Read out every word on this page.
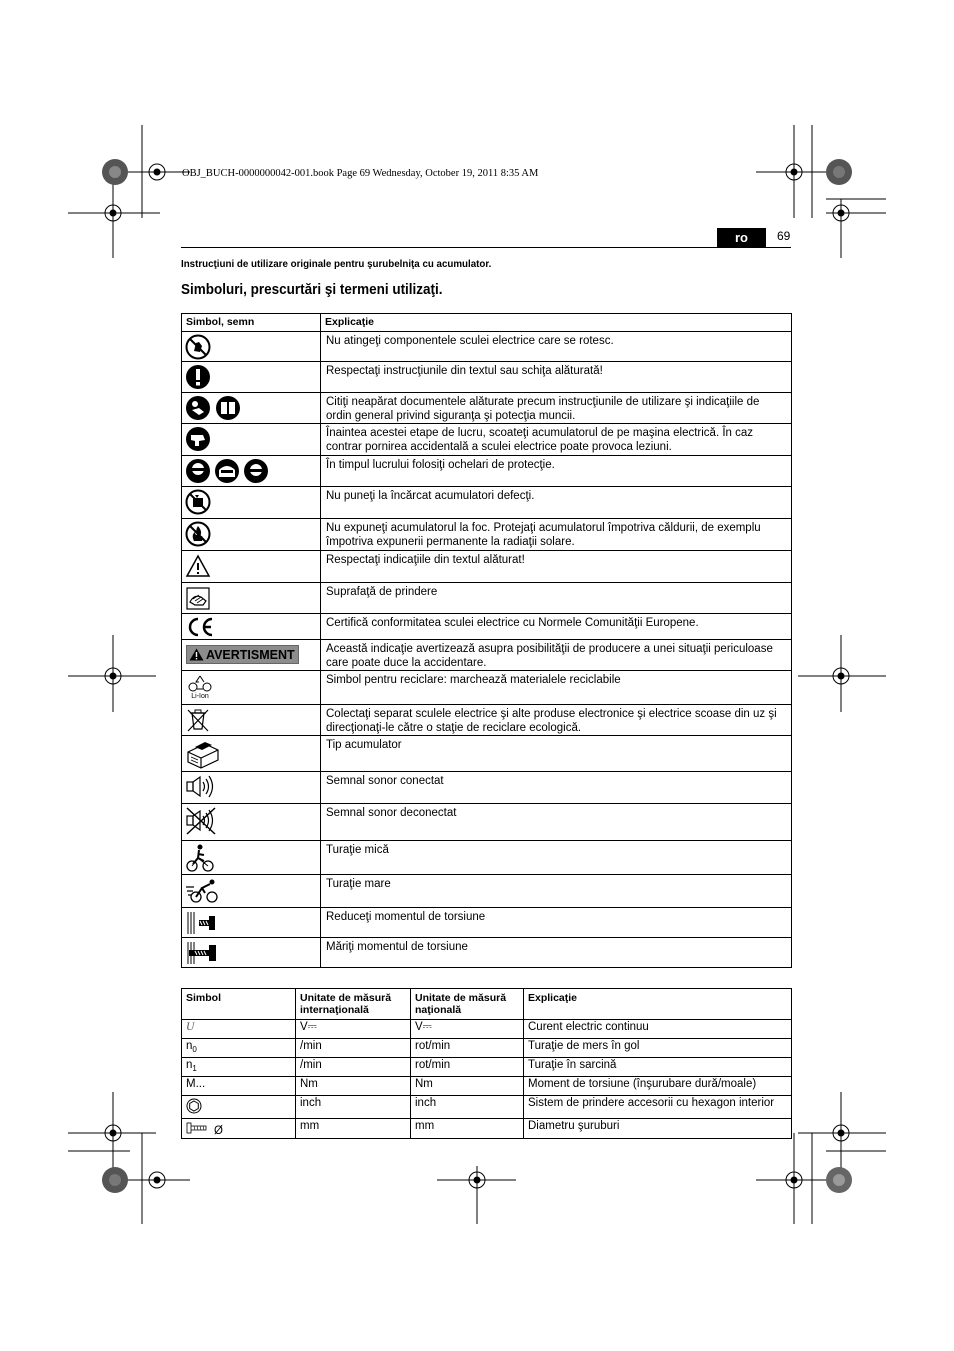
OBJ_BUCH-0000000042-001.book Page 69 Wednesday, October 19, 2011 8:35 AM
ro	69
Instrucţiuni de utilizare originale pentru şurubelniţa cu acumulator.
Simboluri, prescurtări şi termeni utilizaţi.
Simbol, semn	Explicaţie
	Nu atingeţi componentele sculei electrice care se rotesc.
	Respectaţi instrucţiunile din textul sau schiţa alăturată!
	Citiţi neapărat documentele alăturate precum instrucţiunile de utilizare şi indicaţiile de ordin general privind siguranţa şi potecţia muncii.
	Înaintea acestei etape de lucru, scoateţi acumulatorul de pe maşina electrică. În caz contrar pornirea accidentală a sculei electrice poate provoca leziuni.
	În timpul lucrului folosiţi ochelari de protecţie.
	Nu puneţi la încărcat acumulatori defecţi.
	Nu expuneţi acumulatorul la foc. Protejaţi acumulatorul împotriva căldurii, de exemplu împotriva expunerii permanente la radiaţii solare.
	Respectaţi indicaţiile din textul alăturat!
	Suprafaţă de prindere
	Certifică conformitatea sculei electrice cu Normele Comunităţii Europene.

AVERTISMENT	Această indicaţie avertizează asupra posibilităţii de producere a unei situaţii periculoase care poate duce la accidentare.

Li-Ion	Simbol pentru reciclare: marchează materialele reciclabile
	Colectaţi separat sculele electrice şi alte produse electronice şi electrice scoase din uz şi direcţionaţi-le către o staţie de reciclare ecologică.
	Tip acumulator
	Semnal sonor conectat
	Semnal sonor deconectat
	Turaţie mică
	Turaţie mare
	Reduceţi momentul de torsiune
	Măriţi momentul de torsiune
Simbol	Unitate de măsură internaţională	Unitate de măsură naţională	Explicaţie
U	V⎓	V⎓	Curent electric continuu
$n_0$	/min	rot/min	Turaţie de mers în gol
$n_1$	/min	rot/min	Turaţie în sarcină
M...	Nm	Nm	Moment de torsiune (înşurubare dură/moale)
	inch	inch	Sistem de prindere accesorii cu hexagon interior
Ø	mm	mm	Diametru şuruburi
